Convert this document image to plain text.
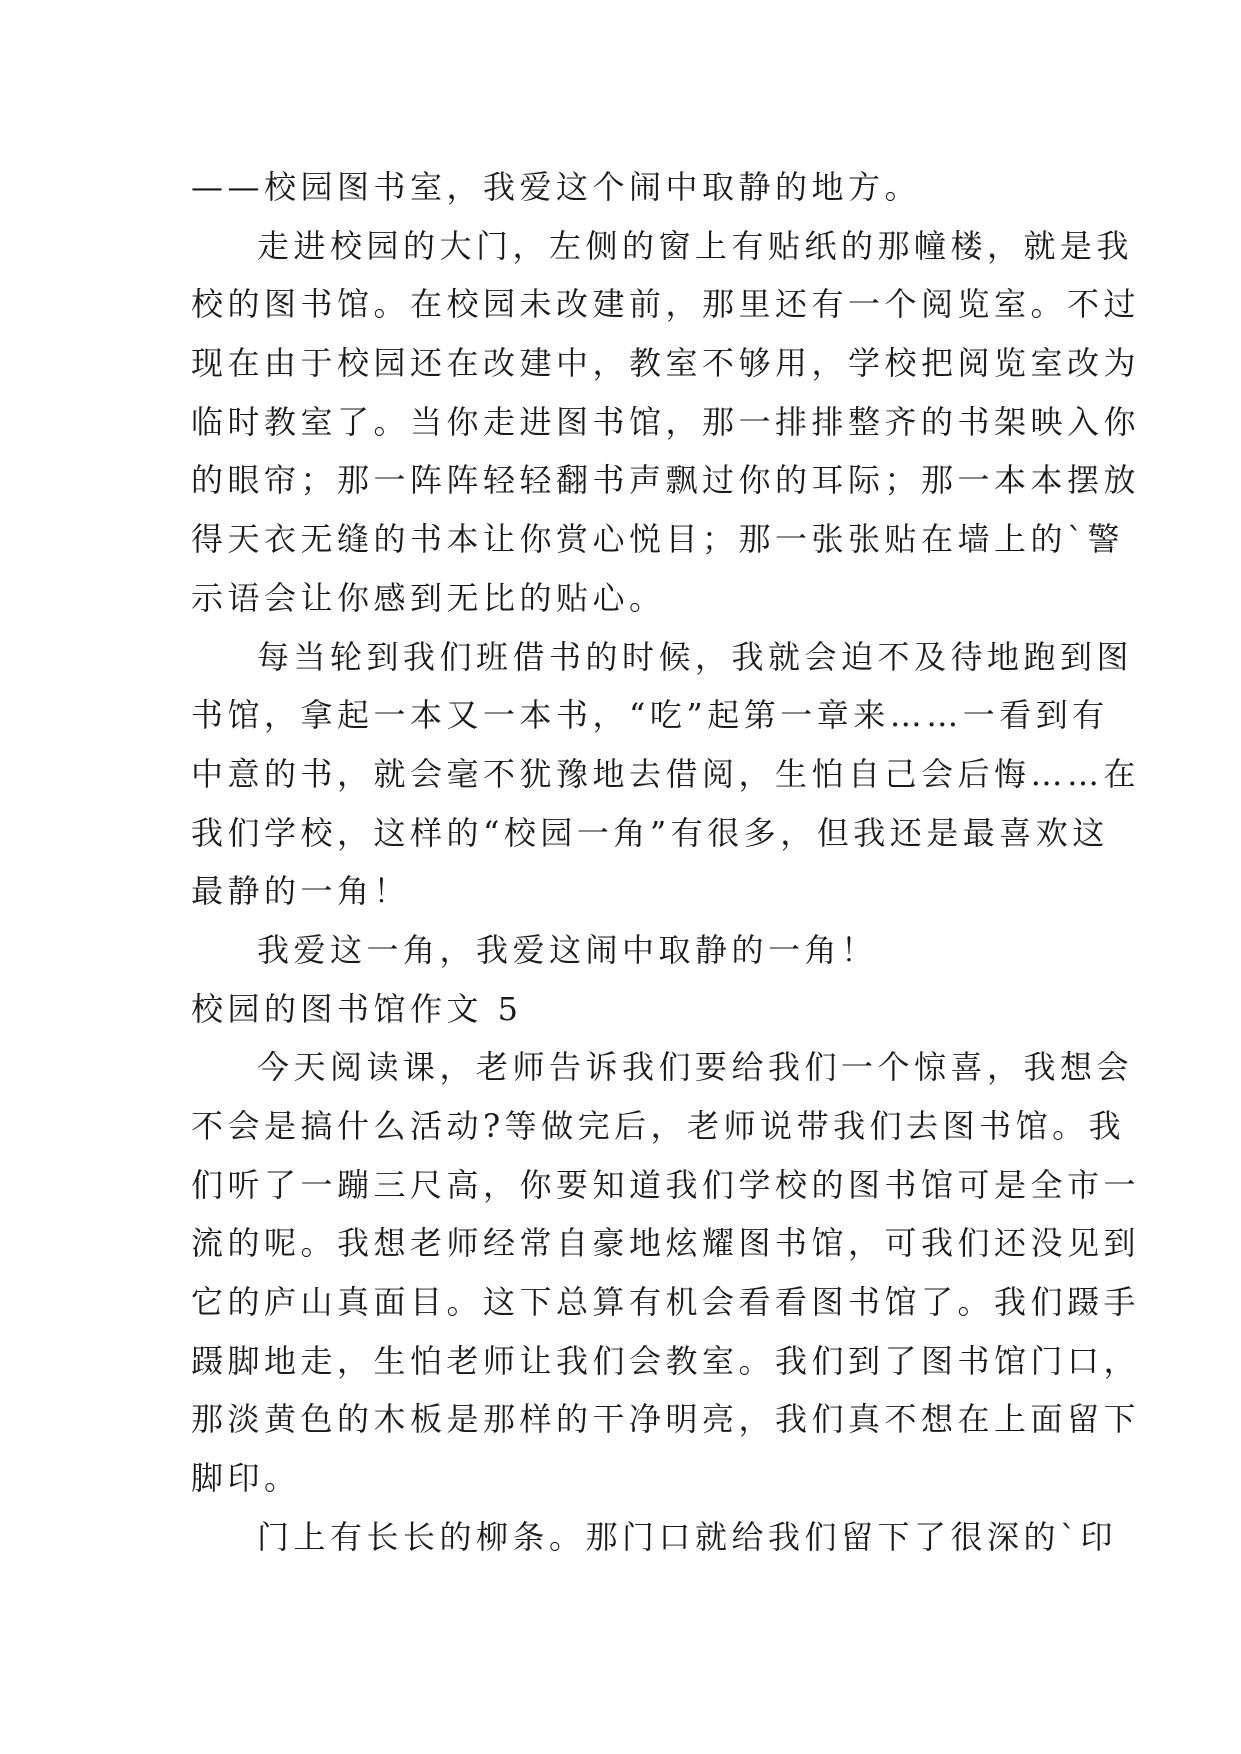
——校园图书室，我爱这个闹中取静的地方。
走进校园的大门，左侧的窗上有贴纸的那幢楼，就是我
校的图书馆。在校园未改建前，那里还有一个阅览室。不过
现在由于校园还在改建中，教室不够用，学校把阅览室改为
临时教室了。当你走进图书馆，那一排排整齐的书架映入你
的眼帘；那一阵阵轻轻翻书声飘过你的耳际；那一本本摆放
得天衣无缝的书本让你赏心悦目；那一张张贴在墙上的`警
示语会让你感到无比的贴心。
每当轮到我们班借书的时候，我就会迫不及待地跑到图
书馆，拿起一本又一本书，“吃”起第一章来……一看到有
中意的书，就会毫不犹豫地去借阅，生怕自己会后悔……在
我们学校，这样的“校园一角”有很多，但我还是最喜欢这
最静的一角！
我爱这一角，我爱这闹中取静的一角！
校园的图书馆作文 5
今天阅读课，老师告诉我们要给我们一个惊喜，我想会
不会是搞什么活动?等做完后，老师说带我们去图书馆。我
们听了一蹦三尺高，你要知道我们学校的图书馆可是全市一
流的呢。我想老师经常自豪地炫耀图书馆，可我们还没见到
它的庐山真面目。这下总算有机会看看图书馆了。我们蹑手
蹑脚地走，生怕老师让我们会教室。我们到了图书馆门口，
那淡黄色的木板是那样的干净明亮，我们真不想在上面留下
脚印。
门上有长长的柳条。那门口就给我们留下了很深的`印
